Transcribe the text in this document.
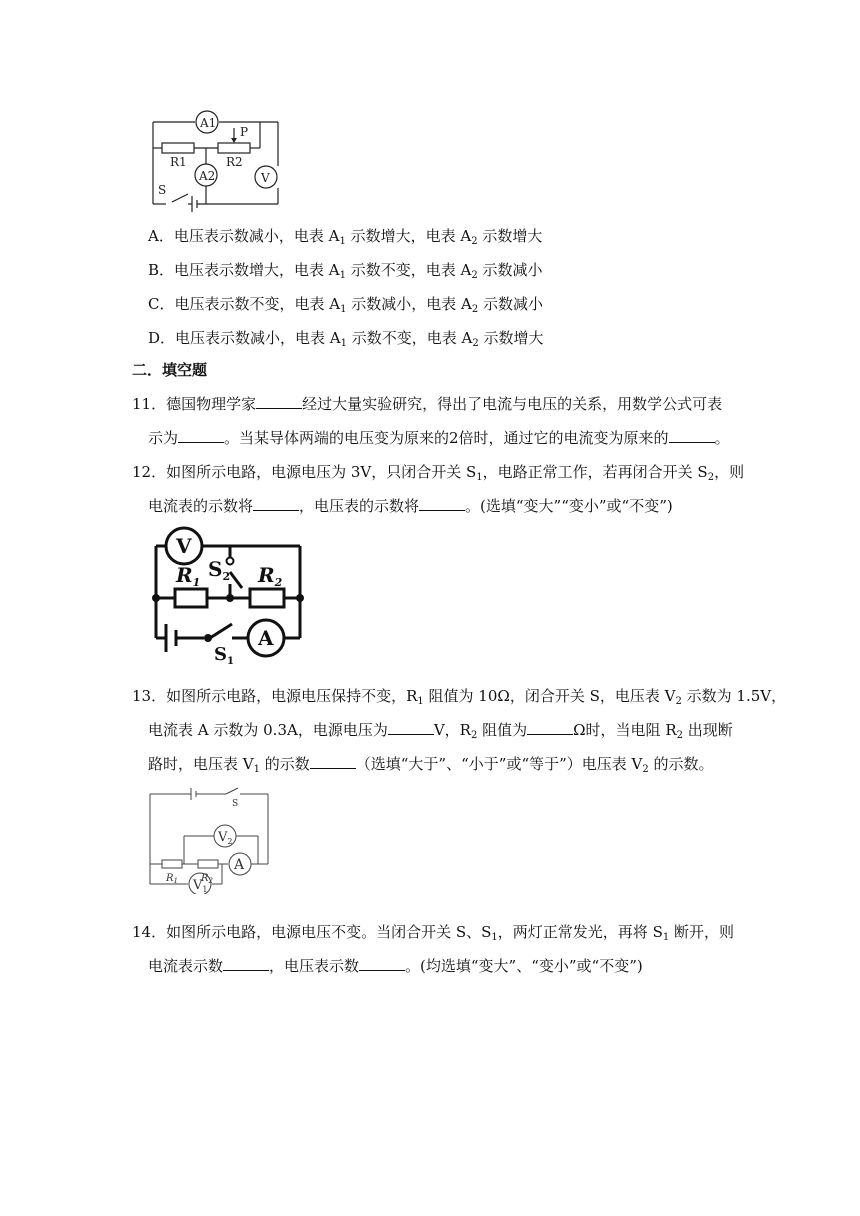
A1
A2	V
R1	R2
P
S
A．电压表示数减小，电表 $A_1$ 示数增大，电表 $A_2$ 示数增大
B．电压表示数增大，电表 $A_1$ 示数不变，电表 $A_2$ 示数减小
C．电压表示数不变，电表 $A_1$ 示数减小，电表 $A_2$ 示数减小
D．电压表示数减小，电表 $A_1$ 示数不变，电表 $A_2$ 示数增大
二．填空题
11．德国物理学家	经过大量实验研究，得出了电流与电压的关系，用数学公式可表
示为	。当某导体两端的电压变为原来的2倍时，通过它的电流变为原来的	。
12．如图所示电路，电源电压为 3V，只闭合开关 $S_1$，电路正常工作，若再闭合开关 $S_2$，则
电流表的示数将	，电压表的示数将	。(选填“变大”“变小”或“不变”)
V
A
$R_1$	$R_2$
$S_2$
$S_1$
13．如图所示电路，电源电压保持不变，$R_1$ 阻值为 10Ω，闭合开关 S，电压表 $V_2$ 示数为 1.5V，
电流表 A 示数为 0.3A，电源电压为	V，$R_2$ 阻值为	Ω时，当电阻 $R_2$ 出现断
路时，电压表 $V_1$ 的示数	（选填“大于”、“小于”或“等于”）电压表 $V_2$ 的示数。
$V_2$
A
$V_1$
$R_1$ $R_2$
S
14．如图所示电路，电源电压不变。当闭合开关 S、$S_1$，两灯正常发光，再将 $S_1$ 断开，则
电流表示数	，电压表示数	。(均选填“变大”、“变小”或“不变”)
